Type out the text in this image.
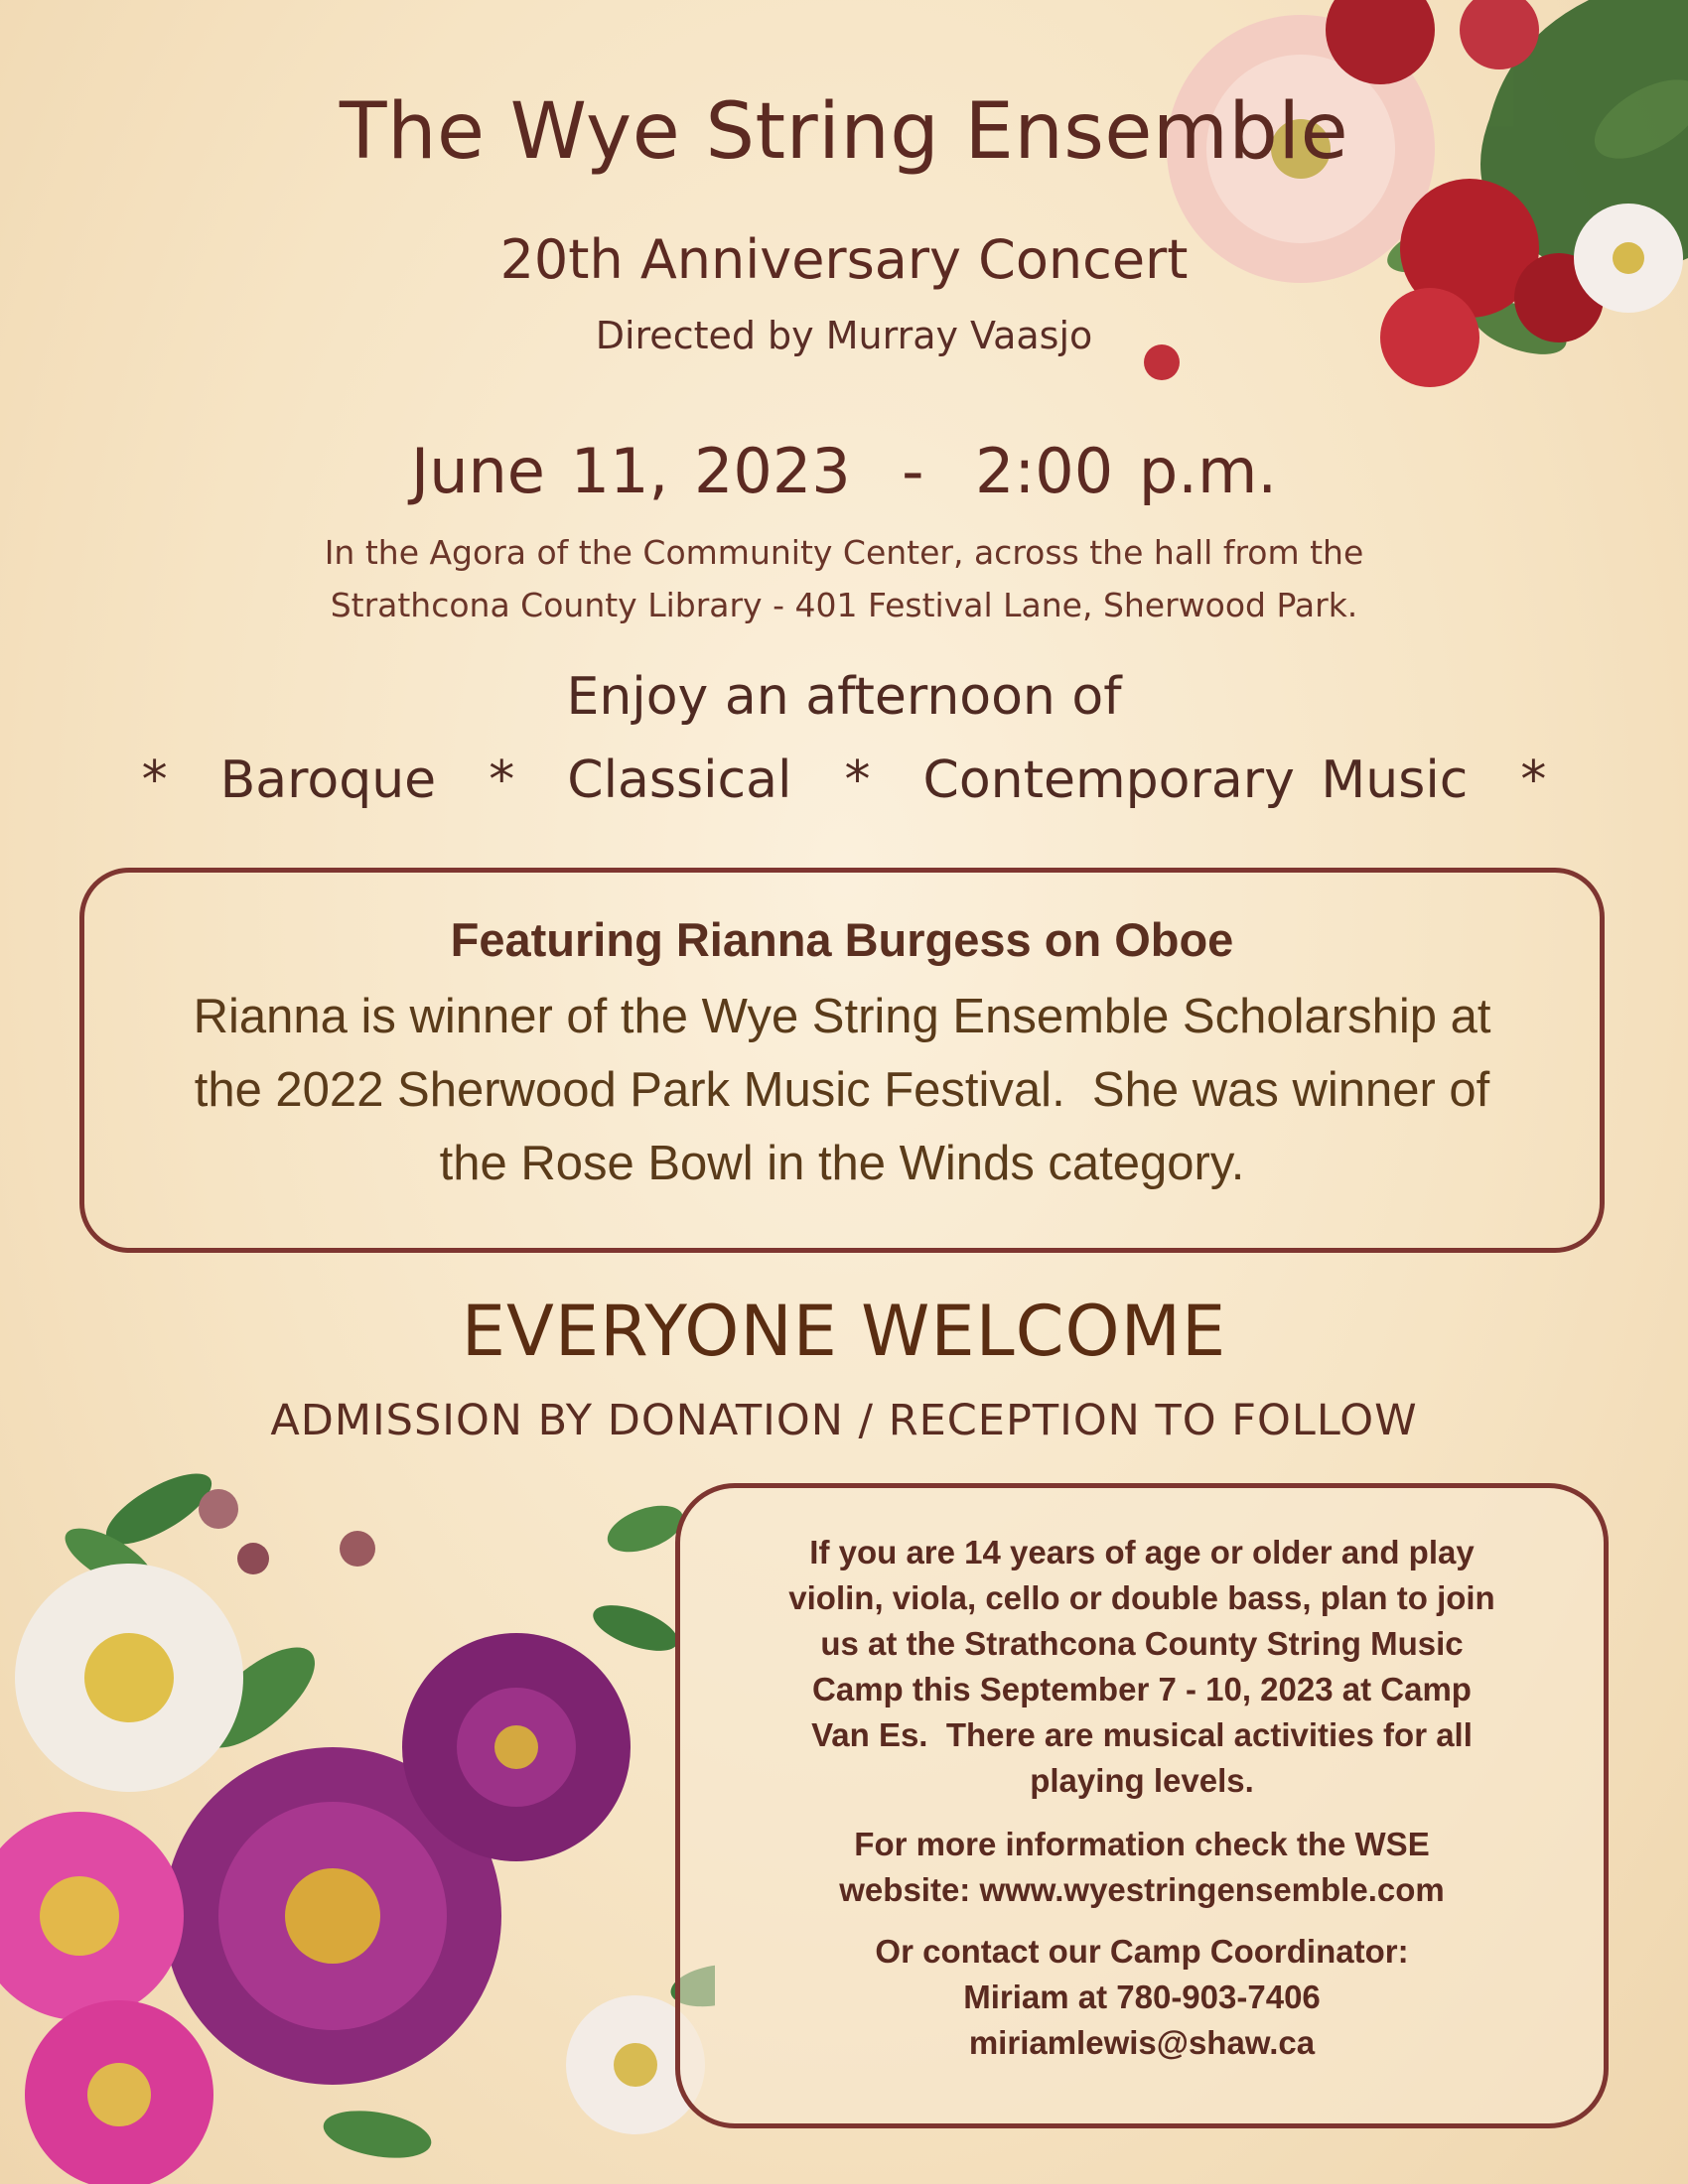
The Wye String Ensemble
20th Anniversary Concert
Directed by Murray Vaasjo
June 11, 2023  -  2:00 p.m.
In the Agora of the Community Center, across the hall from the
Strathcona County Library - 401 Festival Lane, Sherwood Park.
Enjoy an afternoon of
*  Baroque  *  Classical  *  Contemporary Music  *
Featuring Rianna Burgess on Oboe
Rianna is winner of the Wye String Ensemble Scholarship at
the 2022 Sherwood Park Music Festival.  She was winner of
the Rose Bowl in the Winds category.
EVERYONE WELCOME
ADMISSION BY DONATION / RECEPTION TO FOLLOW
If you are 14 years of age or older and play
violin, viola, cello or double bass, plan to join
us at the Strathcona County String Music
Camp this September 7 - 10, 2023 at Camp
Van Es.  There are musical activities for all
playing levels.
For more information check the WSE
website: www.wyestringensemble.com
Or contact our Camp Coordinator:
Miriam at 780-903-7406
miriamlewis@shaw.ca
